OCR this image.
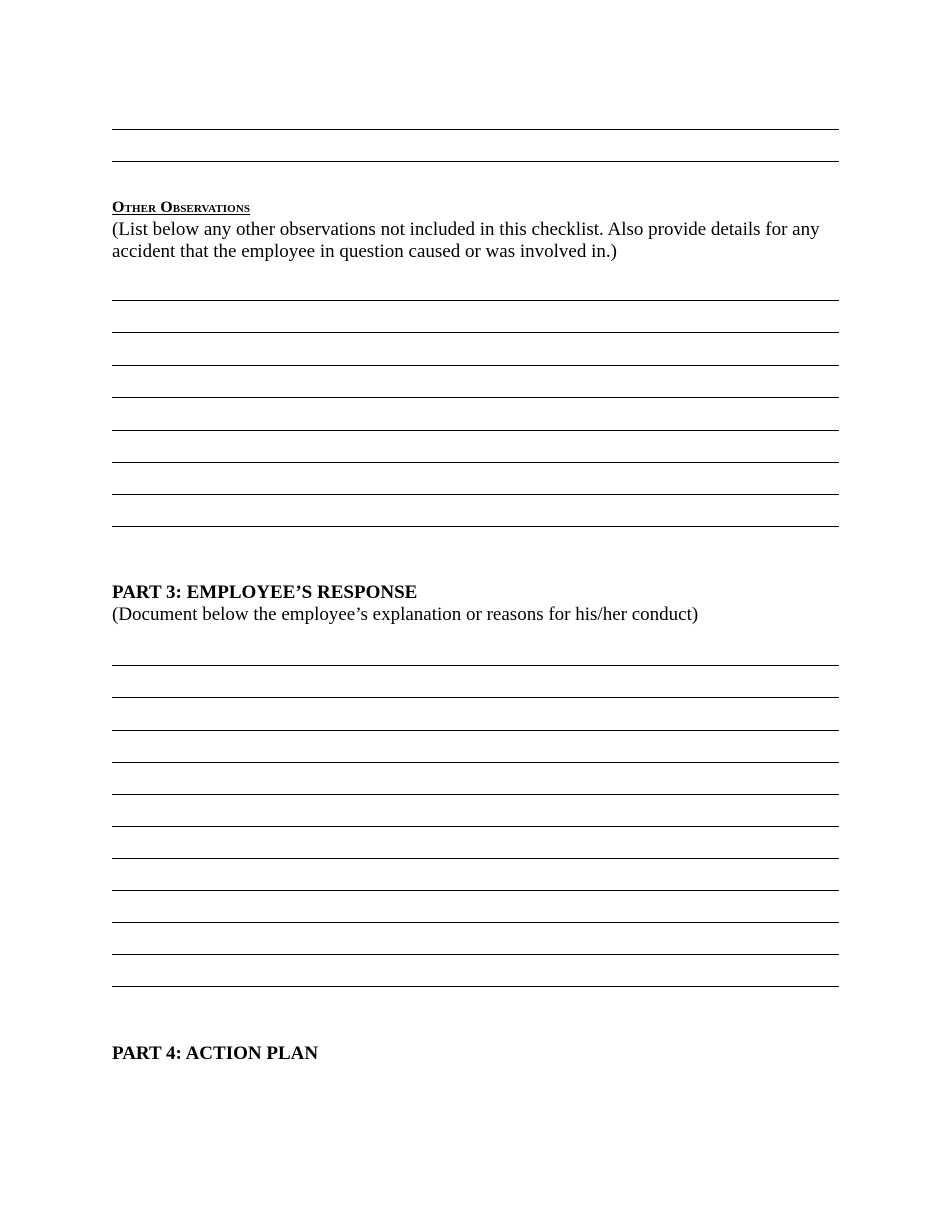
Other Observations
(List below any other observations not included in this checklist. Also provide details for any accident that the employee in question caused or was involved in.)
PART 3: EMPLOYEE’S RESPONSE
(Document below the employee’s explanation or reasons for his/her conduct)
PART 4: ACTION PLAN
